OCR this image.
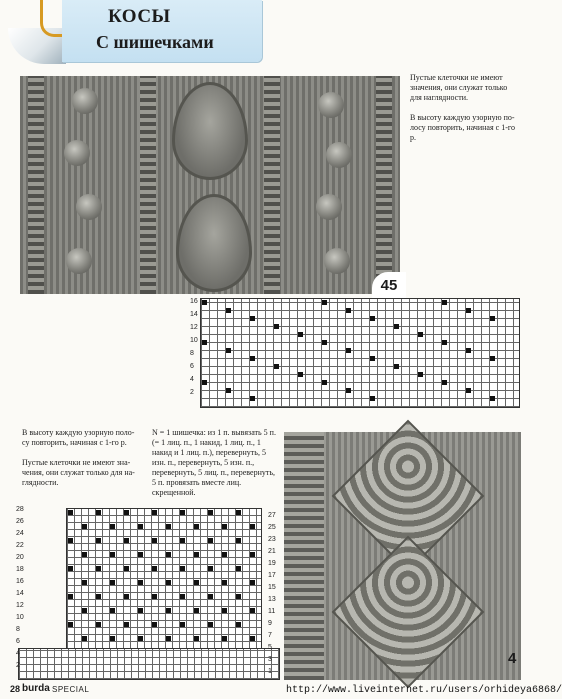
КОСЫ
С шишечками
45
Пустые клеточки не имеют значения, они служат только для наглядности.
В высоту каждую узорную полосу повторить, начиная с 1-го р.
16
14
12
10
8
6
4
2
В высоту каждую узорную полосу повторить, начиная с 1-го р.
Пустые клеточки не имеют значения, они служат только для наглядности.
N = 1 шишечка: из 1 п. вывязать 5 п. (= 1 лиц. п., 1 накид, 1 лиц. п., 1 накид и 1 лиц. п.), перевернуть, 5 изн. п., перевернуть, 5 изн. п., перевернуть, 5 лиц. п., перевернуть, 5 п. провязать вместе лиц. скрещенной.
28
26
24
22
20
18
16
14
12
10
8
6
4
2
27
25
23
21
19
17
15
13
11
9
7
5
3
1
4
28 burda SPECIAL	http://www.liveinternet.ru/users/orhideya6868/
